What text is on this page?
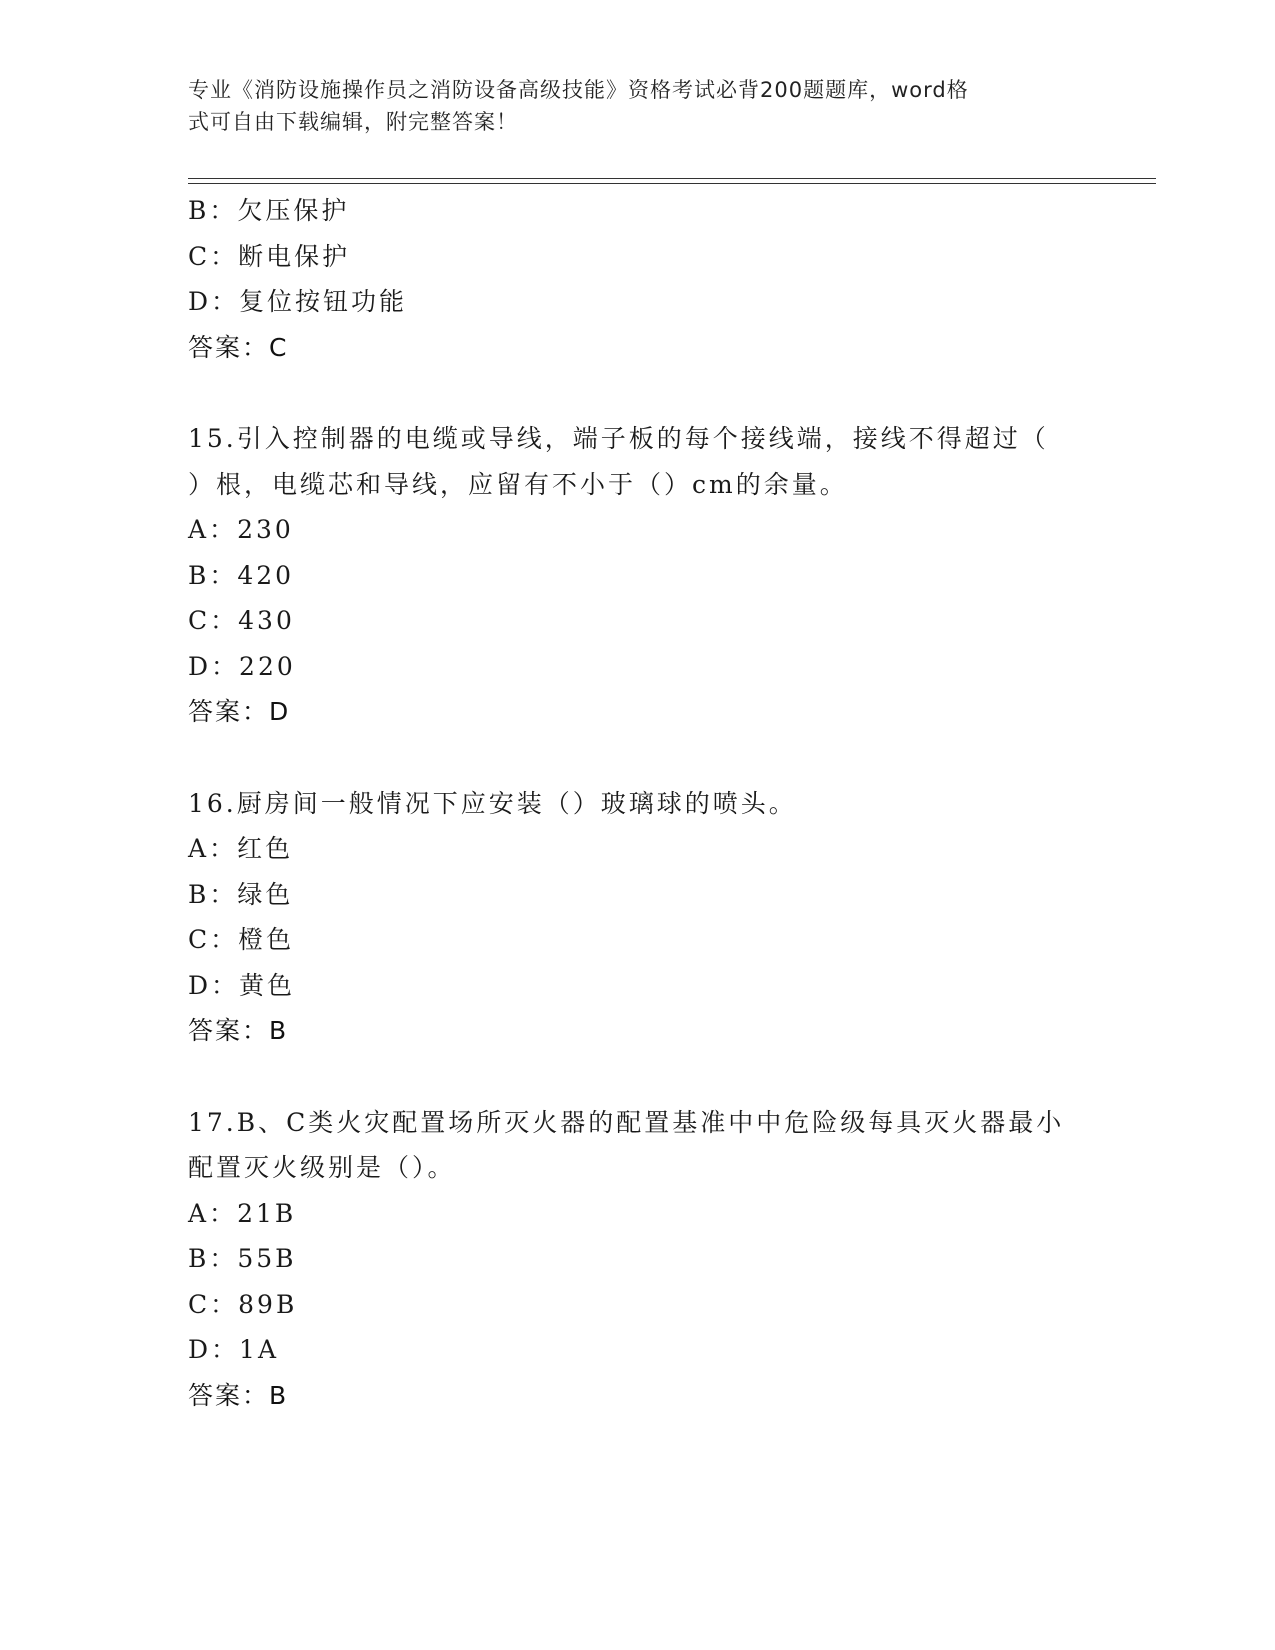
专业《消防设施操作员之消防设备高级技能》资格考试必背200题题库，word格
式可自由下载编辑，附完整答案！
B：欠压保护
C：断电保护
D：复位按钮功能
答案：C
15.引入控制器的电缆或导线，端子板的每个接线端，接线不得超过（
）根，电缆芯和导线，应留有不小于（）cm的余量。
A：230
B：420
C：430
D：220
答案：D
16.厨房间一般情况下应安装（）玻璃球的喷头。
A：红色
B：绿色
C：橙色
D：黄色
答案：B
17.B、C类火灾配置场所灭火器的配置基准中中危险级每具灭火器最小
配置灭火级别是（）。
A：21B
B：55B
C：89B
D：1A
答案：B
